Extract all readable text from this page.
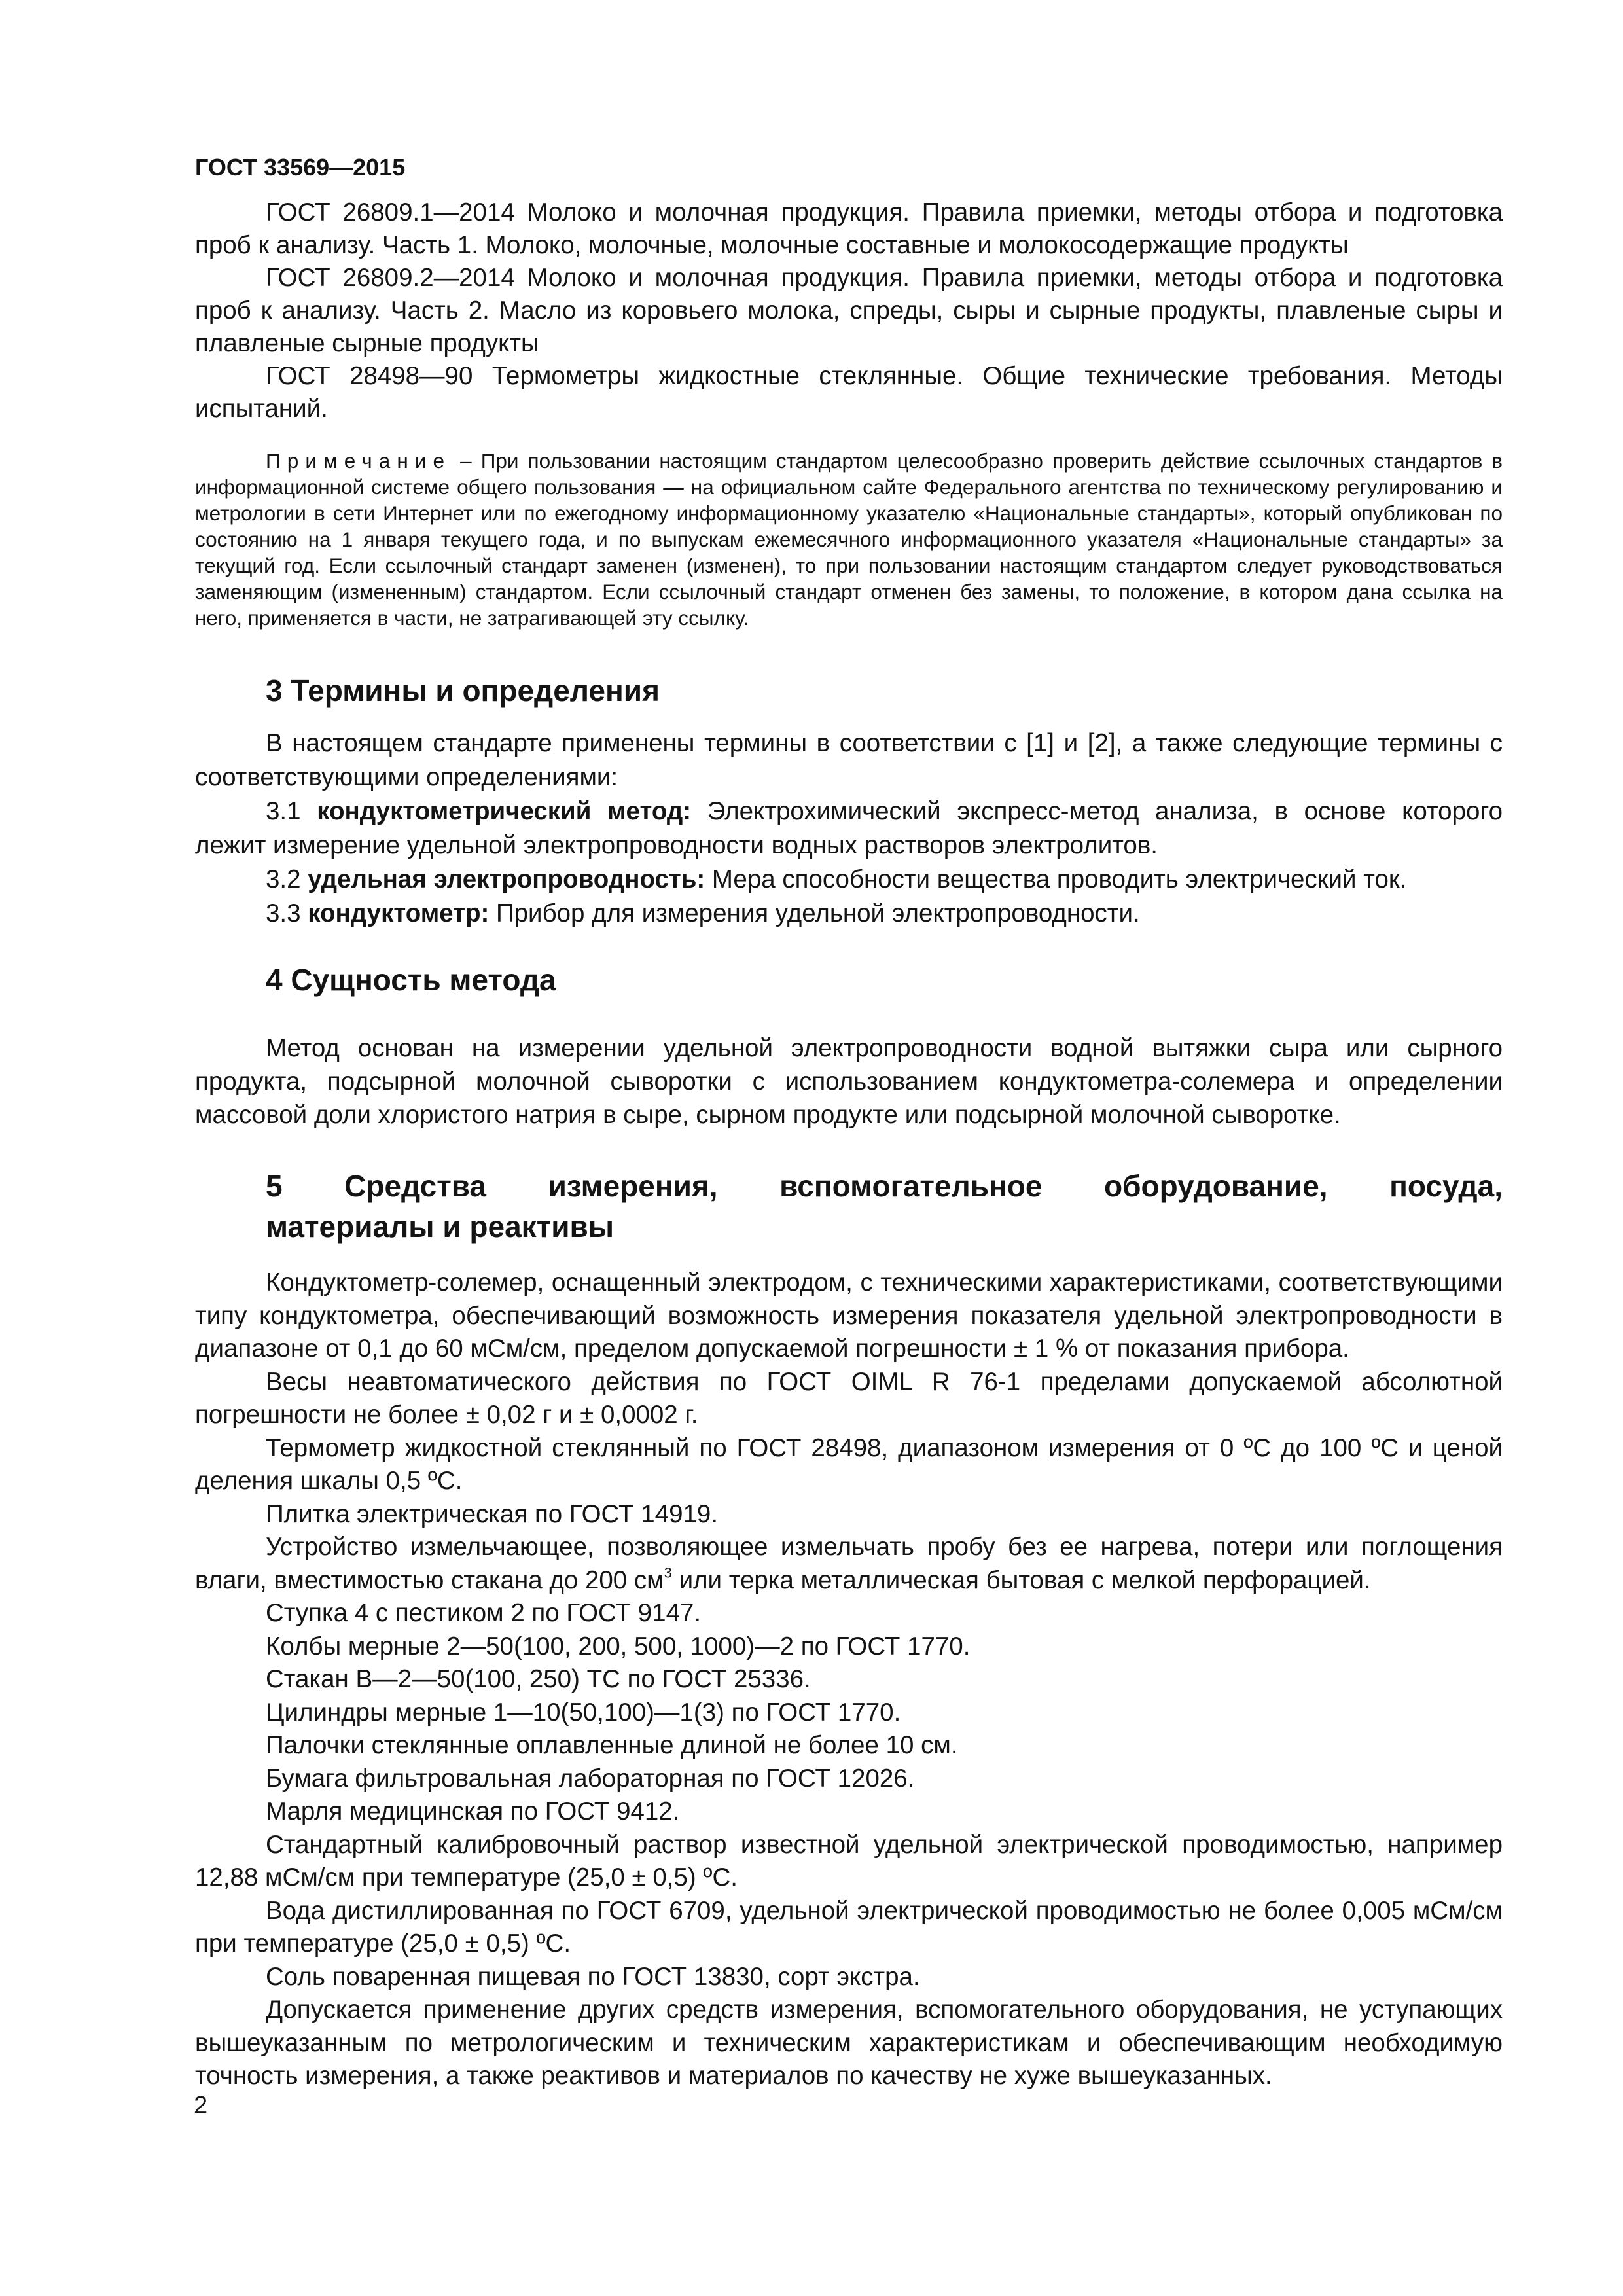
ГОСТ 33569—2015

ГОСТ 26809.1—2014 Молоко и молочная продукция. Правила приемки, методы отбора и подготовка проб к анализу. Часть 1. Молоко, молочные, молочные составные и молокосодержащие продукты

ГОСТ 26809.2—2014 Молоко и молочная продукция. Правила приемки, методы отбора и подготовка проб к анализу. Часть 2. Масло из коровьего молока, спреды, сыры и сырные продукты, плавленые сыры и плавленые сырные продукты

ГОСТ 28498—90 Термометры жидкостные стеклянные. Общие технические требования. Методы испытаний.

Примечание – При пользовании настоящим стандартом целесообразно проверить действие ссылочных стандартов в информационной системе общего пользования — на официальном сайте Федерального агентства по техническому регулированию и метрологии в сети Интернет или по ежегодному информационному указателю «Национальные стандарты», который опубликован по состоянию на 1 января текущего года, и по выпускам ежемесячного информационного указателя «Национальные стандарты» за текущий год. Если ссылочный стандарт заменен (изменен), то при пользовании настоящим стандартом следует руководствоваться заменяющим (измененным) стандартом. Если ссылочный стандарт отменен без замены, то положение, в котором дана ссылка на него, применяется в части, не затрагивающей эту ссылку.

3 Термины и определения

В настоящем стандарте применены термины в соответствии с [1] и [2], а также следующие термины с соответствующими определениями:

3.1 кондуктометрический метод: Электрохимический экспресс-метод анализа, в основе которого лежит измерение удельной электропроводности водных растворов электролитов.

3.2 удельная электропроводность: Мера способности вещества проводить электрический ток.

3.3 кондуктометр: Прибор для измерения удельной электропроводности.

4 Сущность метода

Метод основан на измерении удельной электропроводности водной вытяжки сыра или сырного продукта, подсырной молочной сыворотки с использованием кондуктометра-солемера и определении массовой доли хлористого натрия в сыре, сырном продукте или подсырной молочной сыворотке.

5 Средства измерения, вспомогательное оборудование, посуда,
материалы и реактивы

Кондуктометр-солемер, оснащенный электродом, с техническими характеристиками, соответствующими типу кондуктометра, обеспечивающий возможность измерения показателя удельной электропроводности в диапазоне от 0,1 до 60 мСм/см, пределом допускаемой погрешности ± 1 % от показания прибора.

Весы неавтоматического действия по ГОСТ OIML R 76-1 пределами допускаемой абсолютной погрешности не более ± 0,02 г и ± 0,0002 г.

Термометр жидкостной стеклянный по ГОСТ 28498, диапазоном измерения от 0 ºС до 100 ºС и ценой деления шкалы 0,5 ºС.

Плитка электрическая по ГОСТ 14919.

Устройство измельчающее, позволяющее измельчать пробу без ее нагрева, потери или поглощения влаги, вместимостью стакана до 200 $см^3$ или терка металлическая бытовая с мелкой перфорацией.

Ступка 4 с пестиком 2 по ГОСТ 9147.

Колбы мерные 2—50(100, 200, 500, 1000)—2 по ГОСТ 1770.

Стакан В—2—50(100, 250) ТС по ГОСТ 25336.

Цилиндры мерные 1—10(50,100)—1(3) по ГОСТ 1770.

Палочки стеклянные оплавленные длиной не более 10 см.

Бумага фильтровальная лабораторная по ГОСТ 12026.

Марля медицинская по ГОСТ 9412.

Стандартный калибровочный раствор известной удельной электрической проводимостью, например 12,88 мСм/см при температуре (25,0 ± 0,5) ºС.

Вода дистиллированная по ГОСТ 6709, удельной электрической проводимостью не более 0,005 мСм/см при температуре (25,0 ± 0,5) ºС.

Соль поваренная пищевая по ГОСТ 13830, сорт экстра.

Допускается применение других средств измерения, вспомогательного оборудования, не уступающих вышеуказанным по метрологическим и техническим характеристикам и обеспечивающим необходимую точность измерения, а также реактивов и материалов по качеству не хуже вышеуказанных.

2
